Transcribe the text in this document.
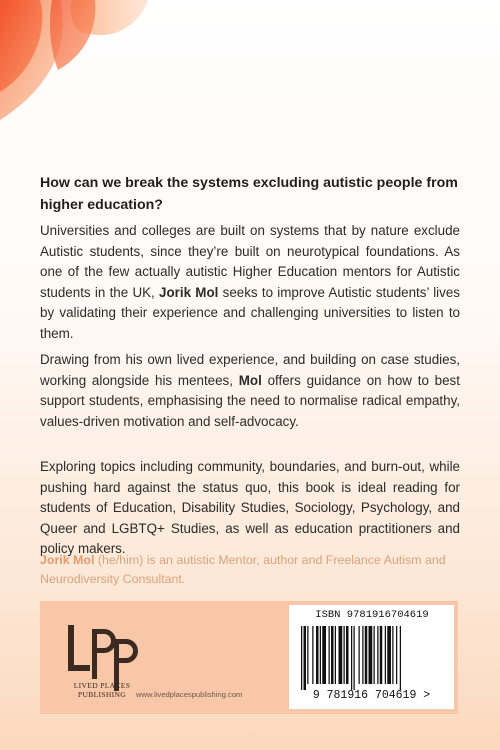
How can we break the systems excluding autistic people from higher education?
Universities and colleges are built on systems that by nature exclude Autistic students, since they’re built on neurotypical foundations. As one of the few actually autistic Higher Education mentors for Autistic students in the UK, Jorik Mol seeks to improve Autistic students’ lives by validating their experience and challenging universities to listen to them.
Drawing from his own lived experience, and building on case studies, working alongside his mentees, Mol offers guidance on how to best support students, emphasising the need to normalise radical empathy, values-driven motivation and self-advocacy.
Exploring topics including community, boundaries, and burn-out, while pushing hard against the status quo, this book is ideal reading for students of Education, Disability Studies, Sociology, Psychology, and Queer and LGBTQ+ Studies, as well as education practitioners and policy makers.
Jorik Mol (he/him) is an autistic Mentor, author and Freelance Autism and Neurodiversity Consultant.
LIVED PLACES
PUBLISHING	www.livedplacespublishing.com
ISBN 9781916704619
9 781916 704619 >
